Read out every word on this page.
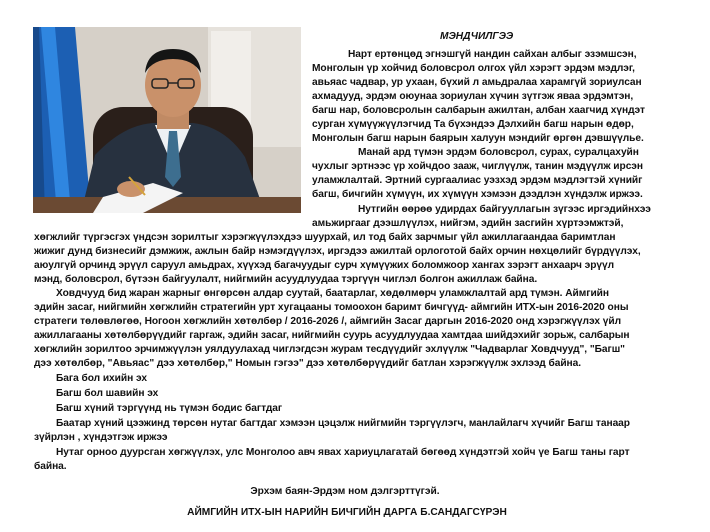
МЭНДЧИЛГЭЭ
Нарт ертөнцөд эгнэшгүй нандин сайхан албыг эзэмшсэн,
Монголын үр хойчид боловсрол олгох үйл хэрэгт эрдэм мэдлэг,
авьяас чадвар, ур ухаан, бүхий л амьдралаа харамгүй зориулсан
ахмадууд, эрдэм оюунаа зориулан хүчин зүтгэж яваа эрдэмтэн,
багш нар, боловсролын салбарын ажилтан, албан хаагчид хүндэт
сурган хүмүүжүүлэгчид Та бүхэндээ Дэлхийн багш нарын өдөр,
Монголын багш нарын баярын халуун мэндийг өргөн дэвшүүлье.
Манай ард түмэн эрдэм боловсрол, сурах, суралцахуйн
чухлыг эртнээс үр хойчдоо зааж, чиглүүлж, танин мэдүүлж ирсэн
уламжлалтай. Эртний сургаалиас уэзхэд эрдэм мэдлэгтэй хүнийг
багш, бичгийн хүмүүн, их хүмүүн хэмээн дээдлэн хүндэлж иржээ.
Нутгийн өөрөө удирдах байгууллагын зүгээс иргэдийнхээ
амьжиргааг дээшлүүлэх, нийгэм, эдийн засгийн хүртээмжтэй,
хөгжлийг түргэсгэх үндсэн зорилтыг хэрэгжүүлэхдээ шуурхай, ил тод байх зарчмыг үйл ажиллагаандаа баримтлан
жижиг дунд бизнесийг дэмжиж, ажлын байр нэмэгдүүлэх, иргэдээ ажилтай орлоготой байх орчин нөхцөлийг бүрдүүлэх,
аюулгүй орчинд эрүүл саруул амьдрах, хүүхэд багачуудыг сурч хүмүүжих боломжоор хангах зэрэгт анхаарч эрүүл
мэнд, боловсрол, бүтээн байгуулалт, нийгмийн асуудлуудаа тэргүүн чиглэл болгон ажиллаж байна.
Ховдчууд бид жаран жарныг өнгөрсөн алдар суутай, баатарлаг, хөдөлмөрч уламжлалтай ард түмэн. Аймгийн
эдийн засаг, нийгмийн хөгжлийн стратегийн урт хугацааны томоохон баримт бичгүүд- аймгийн ИТХ-ын 2016-2020 оны
стратеги төлөвлөгөө, Ногоон хөгжлийн хөтөлбөр / 2016-2026 /, аймгийн Засаг даргын 2016-2020 онд хэрэгжүүлэх үйл
ажиллагааны хөтөлбөрүүдийг гаргаж, эдийн засаг, нийгмийн суурь асуудлуудаа хамтдаа шийдэхийг зорьж, салбарын
хөгжлийн зорилтоо эрчимжүүлэн уялдуулахад чиглэгдсэн журам тесдүүдийг эхлүүлж "Чадварлаг Ховдчууд", "Багш"
дээ хөтөлбөр, "Авьяас" дээ хөтөлбөр," Номын гэгээ" дээ хөтөлбөрүүдийг батлан хэрэгжүүлж эхлээд байна.
Бага бол ихийн эх
Багш бол шавийн эх
Багш хүний тэргүүнд нь түмэн бодис багтдаг
Баатар хүний цээжинд төрсөн нутаг багтдаг хэмээн цэцэлж нийгмийн тэргүүлэгч, манлайлагч хүчийг Багш танаар
зүйрлэн , хүндэтгэж иржээ
Нутаг орноо дуурсган хөгжүүлэх, улс Монголоо авч явах хариуцлагатай бөгөөд хүндэтгэй хойч үе Багш таны гарт
байна.
Эрхэм баян-Эрдэм ном дэлгэрттүгэй.
АЙМГИЙН ИТХ-ЫН НАРИЙН БИЧГИЙН ДАРГА Б.САНДАГСҮРЭН
